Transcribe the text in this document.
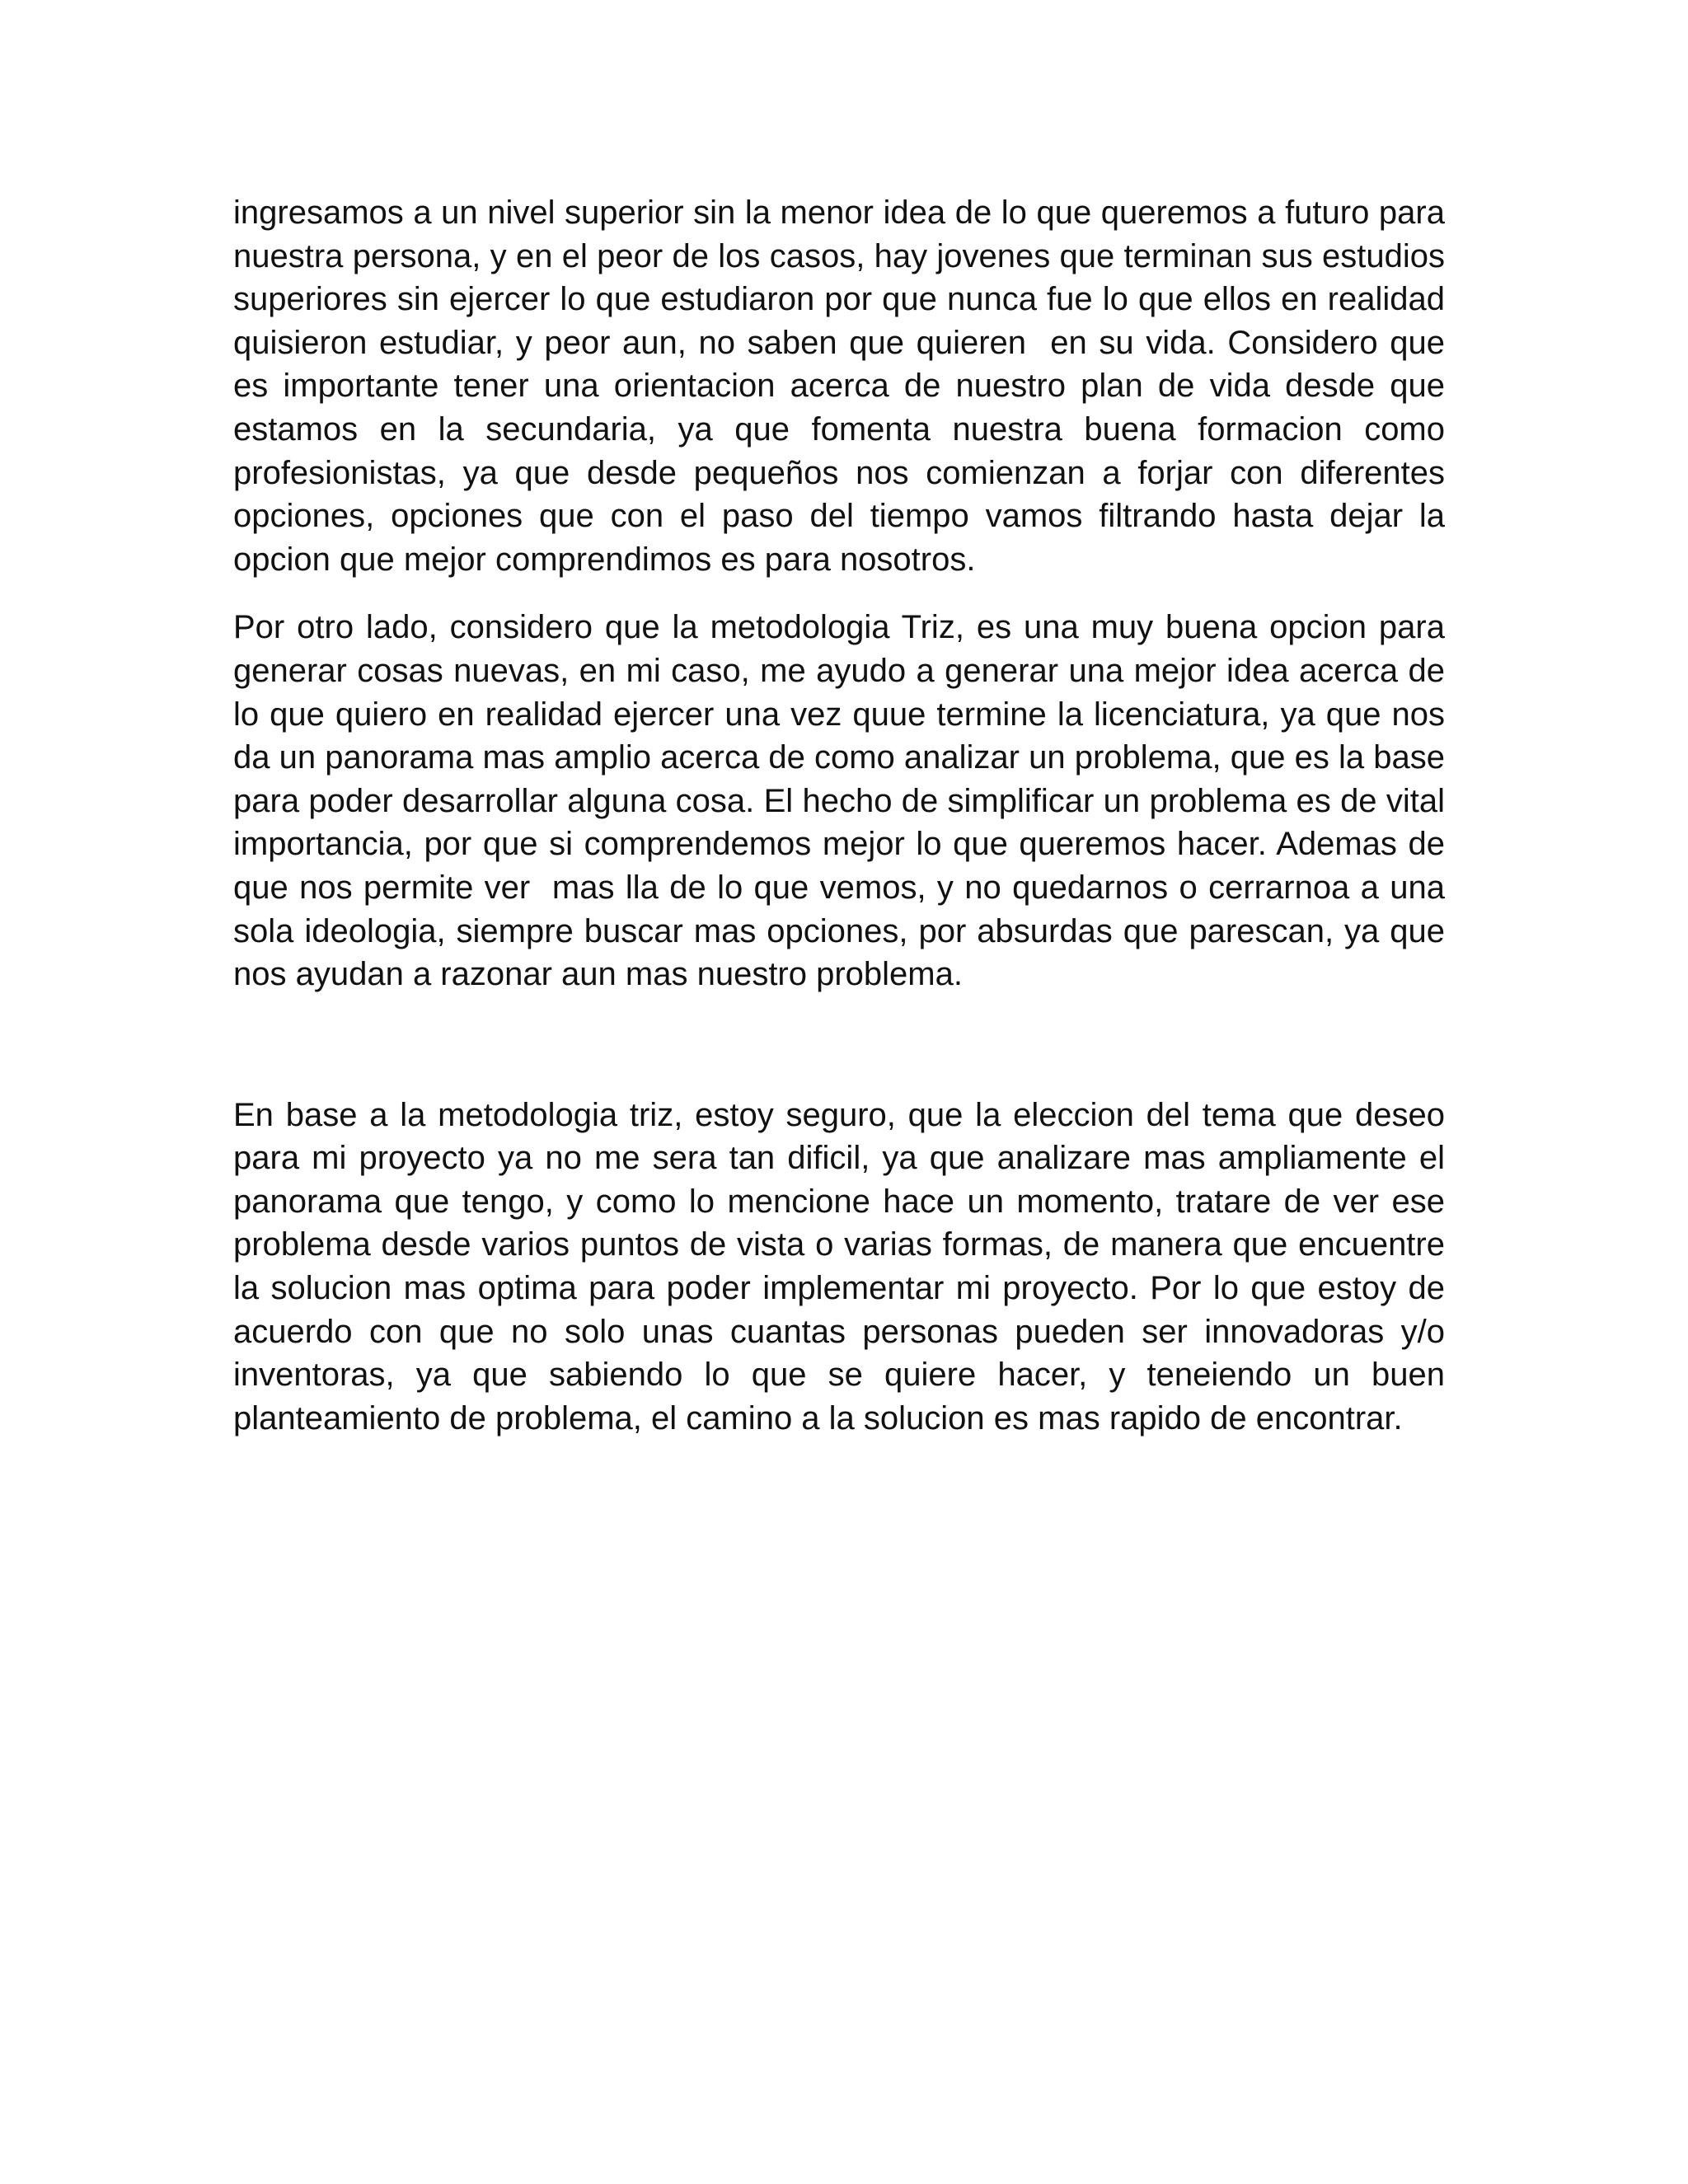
ingresamos a un nivel superior sin la menor idea de lo que queremos a futuro para nuestra persona, y en el peor de los casos, hay jovenes que terminan sus estudios superiores sin ejercer lo que estudiaron por que nunca fue lo que ellos en realidad quisieron estudiar, y peor aun, no saben que quieren  en su vida. Considero que es importante tener una orientacion acerca de nuestro plan de vida desde que estamos en la secundaria, ya que fomenta nuestra buena formacion como profesionistas, ya que desde pequeños nos comienzan a forjar con diferentes opciones, opciones que con el paso del tiempo vamos filtrando hasta dejar la opcion que mejor comprendimos es para nosotros.

Por otro lado, considero que la metodologia Triz, es una muy buena opcion para generar cosas nuevas, en mi caso, me ayudo a generar una mejor idea acerca de lo que quiero en realidad ejercer una vez quue termine la licenciatura, ya que nos da un panorama mas amplio acerca de como analizar un problema, que es la base para poder desarrollar alguna cosa. El hecho de simplificar un problema es de vital importancia, por que si comprendemos mejor lo que queremos hacer. Ademas de que nos permite ver  mas lla de lo que vemos, y no quedarnos o cerrarnoa a una sola ideologia, siempre buscar mas opciones, por absurdas que parescan, ya que nos ayudan a razonar aun mas nuestro problema.

En base a la metodologia triz, estoy seguro, que la eleccion del tema que deseo para mi proyecto ya no me sera tan dificil, ya que analizare mas ampliamente el panorama que tengo, y como lo mencione hace un momento, tratare de ver ese problema desde varios puntos de vista o varias formas, de manera que encuentre la solucion mas optima para poder implementar mi proyecto. Por lo que estoy de acuerdo con que no solo unas cuantas personas pueden ser innovadoras y/o inventoras, ya que sabiendo lo que se quiere hacer, y teneiendo un buen planteamiento de problema, el camino a la solucion es mas rapido de encontrar.
